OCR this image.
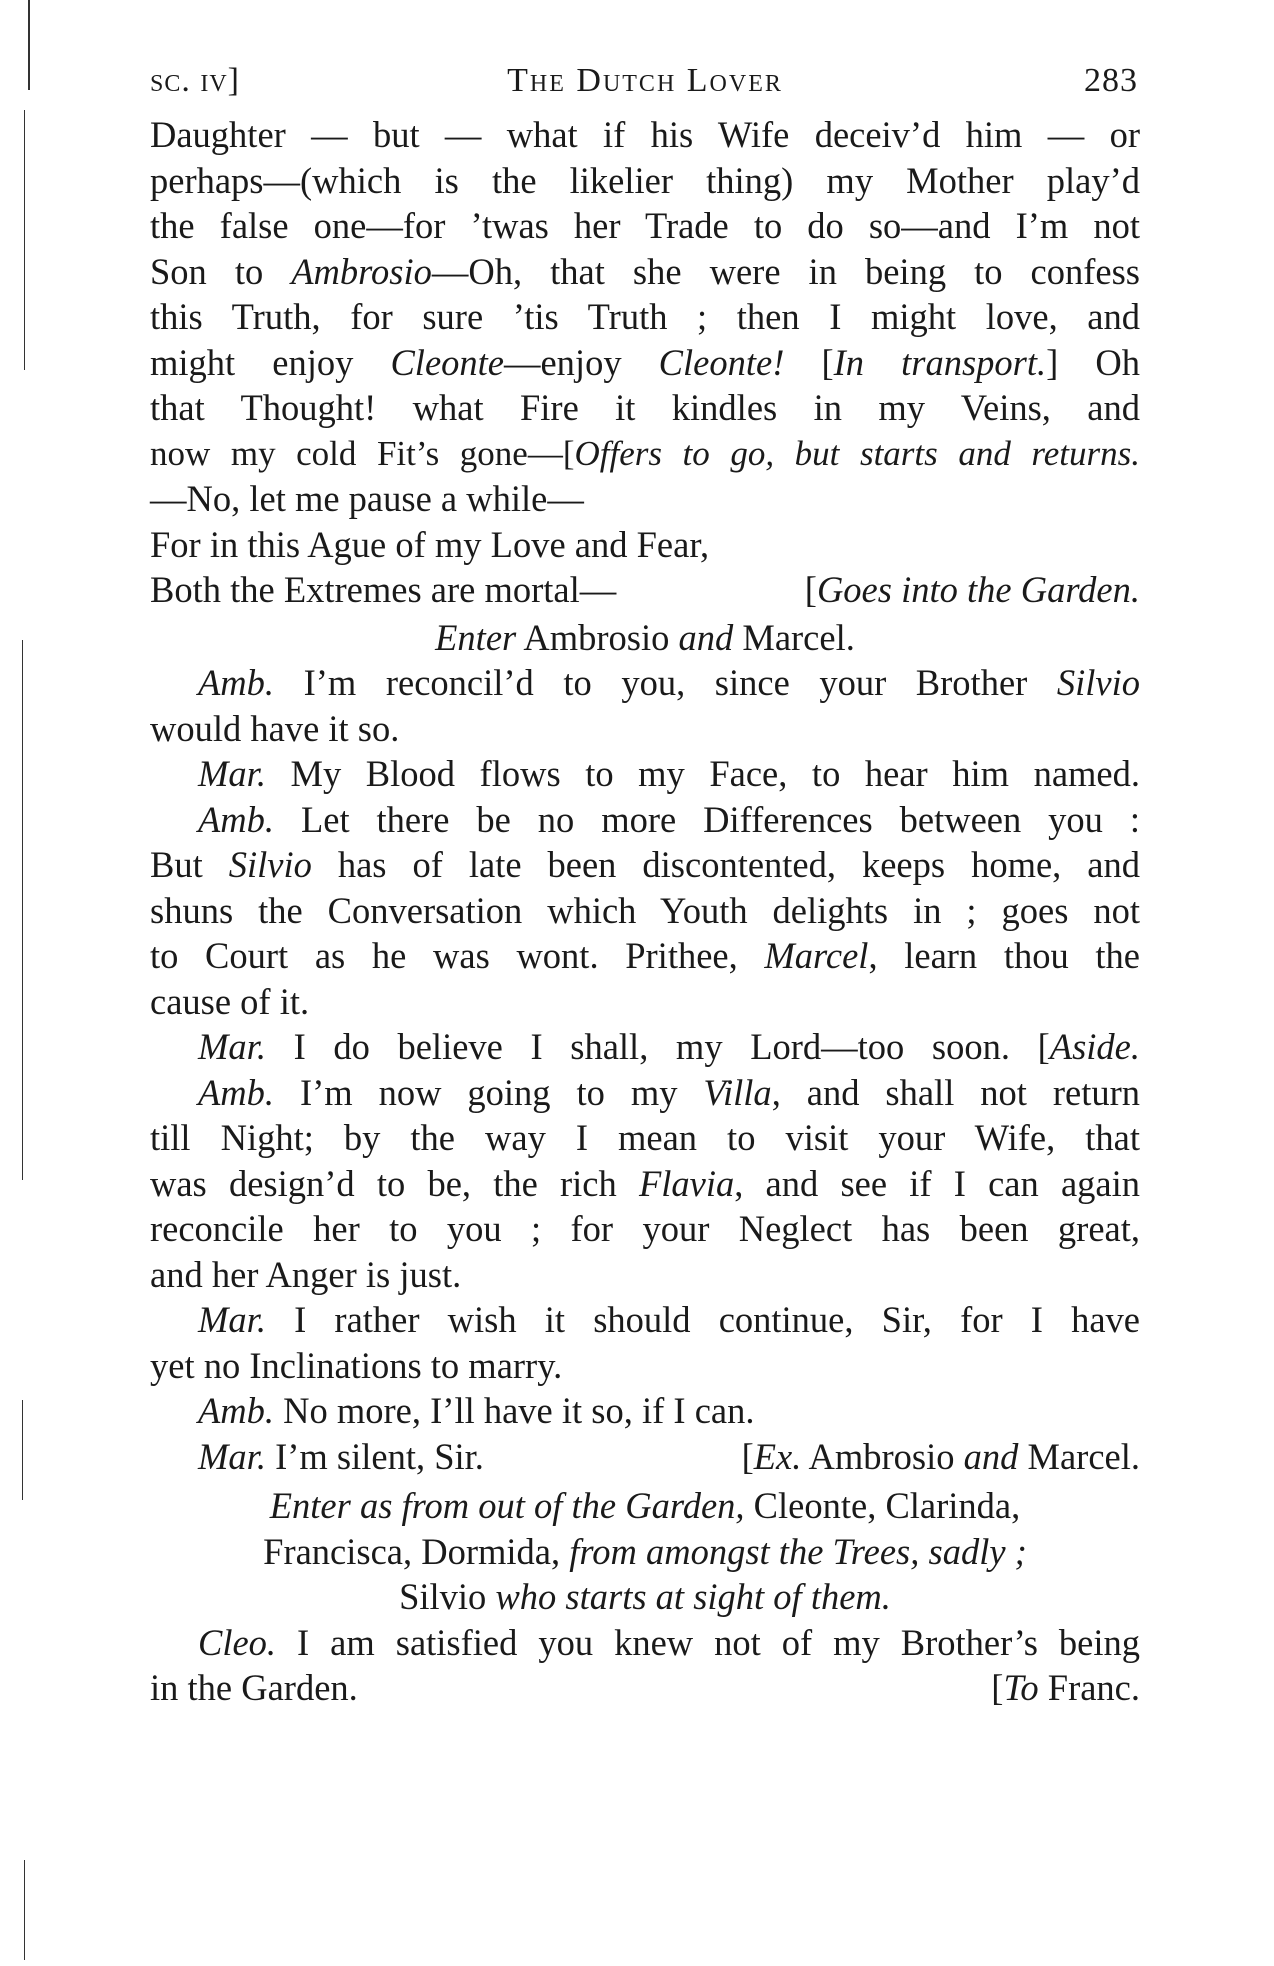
sc. iv]	The Dutch Lover	283
Daughter — but — what if his Wife deceiv’d him — or
perhaps—(which is the likelier thing) my Mother play’d
the false one—for ’twas her Trade to do so—and I’m not
Son to Ambrosio—Oh, that she were in being to confess
this Truth, for sure ’tis Truth ; then I might love, and
might enjoy Cleonte—enjoy Cleonte! [In transport.] Oh
that Thought! what Fire it kindles in my Veins, and
now my cold Fit’s gone—[Offers to go, but starts and returns.
—No, let me pause a while—
For in this Ague of my Love and Fear,
Both the Extremes are mortal—	[Goes into the Garden.
Enter Ambrosio and Marcel.
Amb. I’m reconcil’d to you, since your Brother Silvio
would have it so.
Mar. My Blood flows to my Face, to hear him named.
Amb. Let there be no more Differences between you :
But Silvio has of late been discontented, keeps home, and
shuns the Conversation which Youth delights in ; goes not
to Court as he was wont. Prithee, Marcel, learn thou the
cause of it.
Mar. I do believe I shall, my Lord—too soon. [Aside.
Amb. I’m now going to my Villa, and shall not return
till Night; by the way I mean to visit your Wife, that
was design’d to be, the rich Flavia, and see if I can again
reconcile her to you ; for your Neglect has been great,
and her Anger is just.
Mar. I rather wish it should continue, Sir, for I have
yet no Inclinations to marry.
Amb. No more, I’ll have it so, if I can.
Mar. I’m silent, Sir.	[Ex. Ambrosio and Marcel.
Enter as from out of the Garden, Cleonte, Clarinda,
Francisca, Dormida, from amongst the Trees, sadly ;
Silvio who starts at sight of them.
Cleo. I am satisfied you knew not of my Brother’s being
in the Garden.	[To Franc.
